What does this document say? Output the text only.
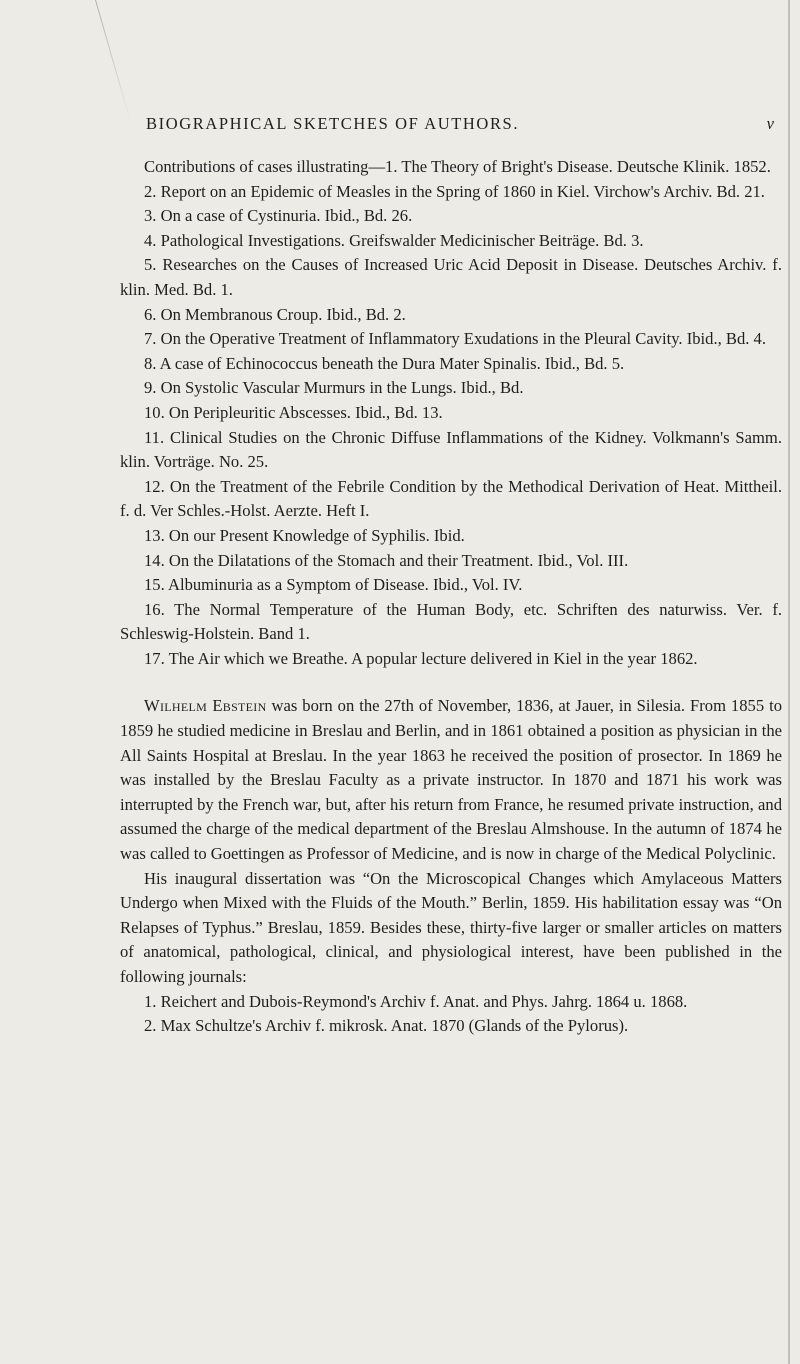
BIOGRAPHICAL SKETCHES OF AUTHORS.	v

Contributions of cases illustrating—1. The Theory of Bright's Disease. Deutsche Klinik. 1852.

2. Report on an Epidemic of Measles in the Spring of 1860 in Kiel. Virchow's Archiv. Bd. 21.

3. On a case of Cystinuria. Ibid., Bd. 26.

4. Pathological Investigations. Greifswalder Medicinischer Beiträge. Bd. 3.

5. Researches on the Causes of Increased Uric Acid Deposit in Disease. Deutsches Archiv. f. klin. Med. Bd. 1.

6. On Membranous Croup. Ibid., Bd. 2.

7. On the Operative Treatment of Inflammatory Exudations in the Pleural Cavity. Ibid., Bd. 4.

8. A case of Echinococcus beneath the Dura Mater Spinalis. Ibid., Bd. 5.

9. On Systolic Vascular Murmurs in the Lungs. Ibid., Bd.

10. On Peripleuritic Abscesses. Ibid., Bd. 13.

11. Clinical Studies on the Chronic Diffuse Inflammations of the Kidney. Volkmann's Samm. klin. Vorträge. No. 25.

12. On the Treatment of the Febrile Condition by the Methodical Derivation of Heat. Mittheil. f. d. Ver Schles.-Holst. Aerzte. Heft I.

13. On our Present Knowledge of Syphilis. Ibid.

14. On the Dilatations of the Stomach and their Treatment. Ibid., Vol. III.

15. Albuminuria as a Symptom of Disease. Ibid., Vol. IV.

16. The Normal Temperature of the Human Body, etc. Schriften des naturwiss. Ver. f. Schleswig-Holstein. Band 1.

17. The Air which we Breathe. A popular lecture delivered in Kiel in the year 1862.

Wilhelm Ebstein was born on the 27th of November, 1836, at Jauer, in Silesia. From 1855 to 1859 he studied medicine in Breslau and Berlin, and in 1861 obtained a position as physician in the All Saints Hospital at Breslau. In the year 1863 he received the position of prosector. In 1869 he was installed by the Breslau Faculty as a private instructor. In 1870 and 1871 his work was interrupted by the French war, but, after his return from France, he resumed private instruction, and assumed the charge of the medical department of the Breslau Almshouse. In the autumn of 1874 he was called to Goettingen as Professor of Medicine, and is now in charge of the Medical Polyclinic.

His inaugural dissertation was “On the Microscopical Changes which Amylaceous Matters Undergo when Mixed with the Fluids of the Mouth.” Berlin, 1859. His habilitation essay was “On Relapses of Typhus.” Breslau, 1859. Besides these, thirty-five larger or smaller articles on matters of anatomical, pathological, clinical, and physiological interest, have been published in the following journals:

1. Reichert and Dubois-Reymond's Archiv f. Anat. and Phys. Jahrg. 1864 u. 1868.

2. Max Schultze's Archiv f. mikrosk. Anat. 1870 (Glands of the Pylorus).
